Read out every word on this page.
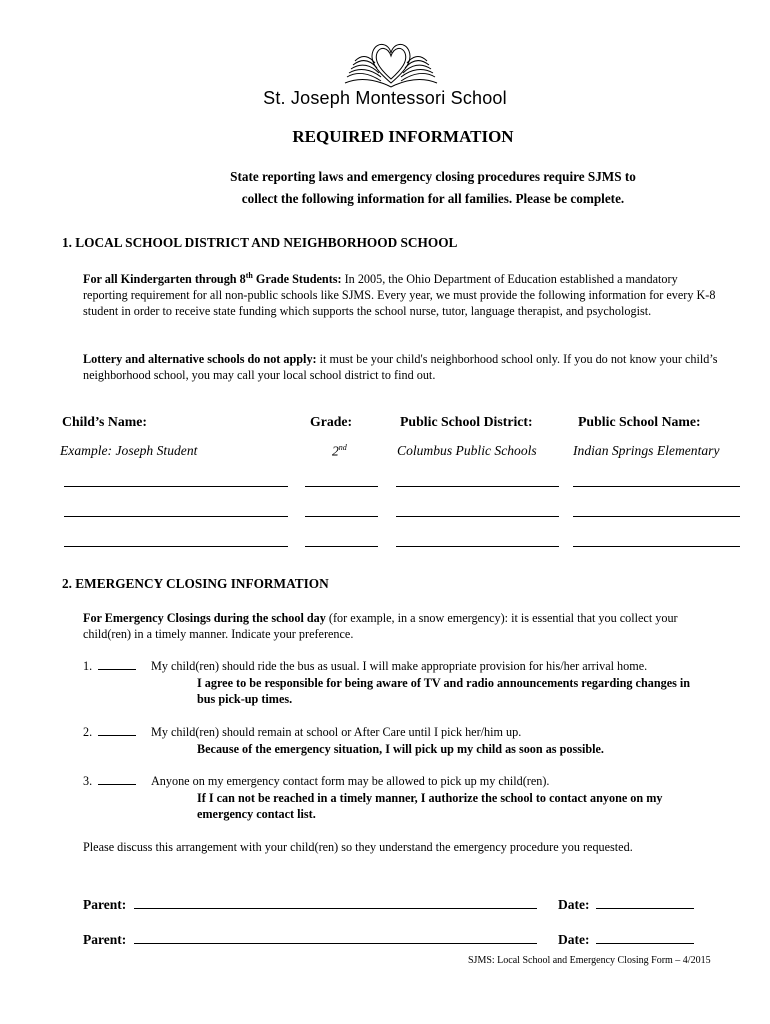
St. Joseph Montessori School
REQUIRED INFORMATION
State reporting laws and emergency closing procedures require SJMS to
collect the following information for all families. Please be complete.
1. LOCAL SCHOOL DISTRICT AND NEIGHBORHOOD SCHOOL
For all Kindergarten through 8th Grade Students: In 2005, the Ohio Department of Education established a mandatory reporting requirement for all non-public schools like SJMS. Every year, we must provide the following information for every K-8 student in order to receive state funding which supports the school nurse, tutor, language therapist, and psychologist.
Lottery and alternative schools do not apply: it must be your child's neighborhood school only. If you do not know your child’s neighborhood school, you may call your local school district to find out.
Child’s Name:	Grade:	Public School District:	Public School Name:
Example: Joseph Student	2nd	Columbus Public Schools	Indian Springs Elementary
2. EMERGENCY CLOSING INFORMATION
For Emergency Closings during the school day (for example, in a snow emergency): it is essential that you collect your child(ren) in a timely manner. Indicate your preference.
1.	My child(ren) should ride the bus as usual. I will make appropriate provision for his/her arrival home.
I agree to be responsible for being aware of TV and radio announcements regarding changes in bus pick-up times.
2.	My child(ren) should remain at school or After Care until I pick her/him up.
Because of the emergency situation, I will pick up my child as soon as possible.
3.	Anyone on my emergency contact form may be allowed to pick up my child(ren).
If I can not be reached in a timely manner, I authorize the school to contact anyone on my emergency contact list.
Please discuss this arrangement with your child(ren) so they understand the emergency procedure you requested.
Parent:	Date:
Parent:	Date:
SJMS: Local School and Emergency Closing Form – 4/2015
